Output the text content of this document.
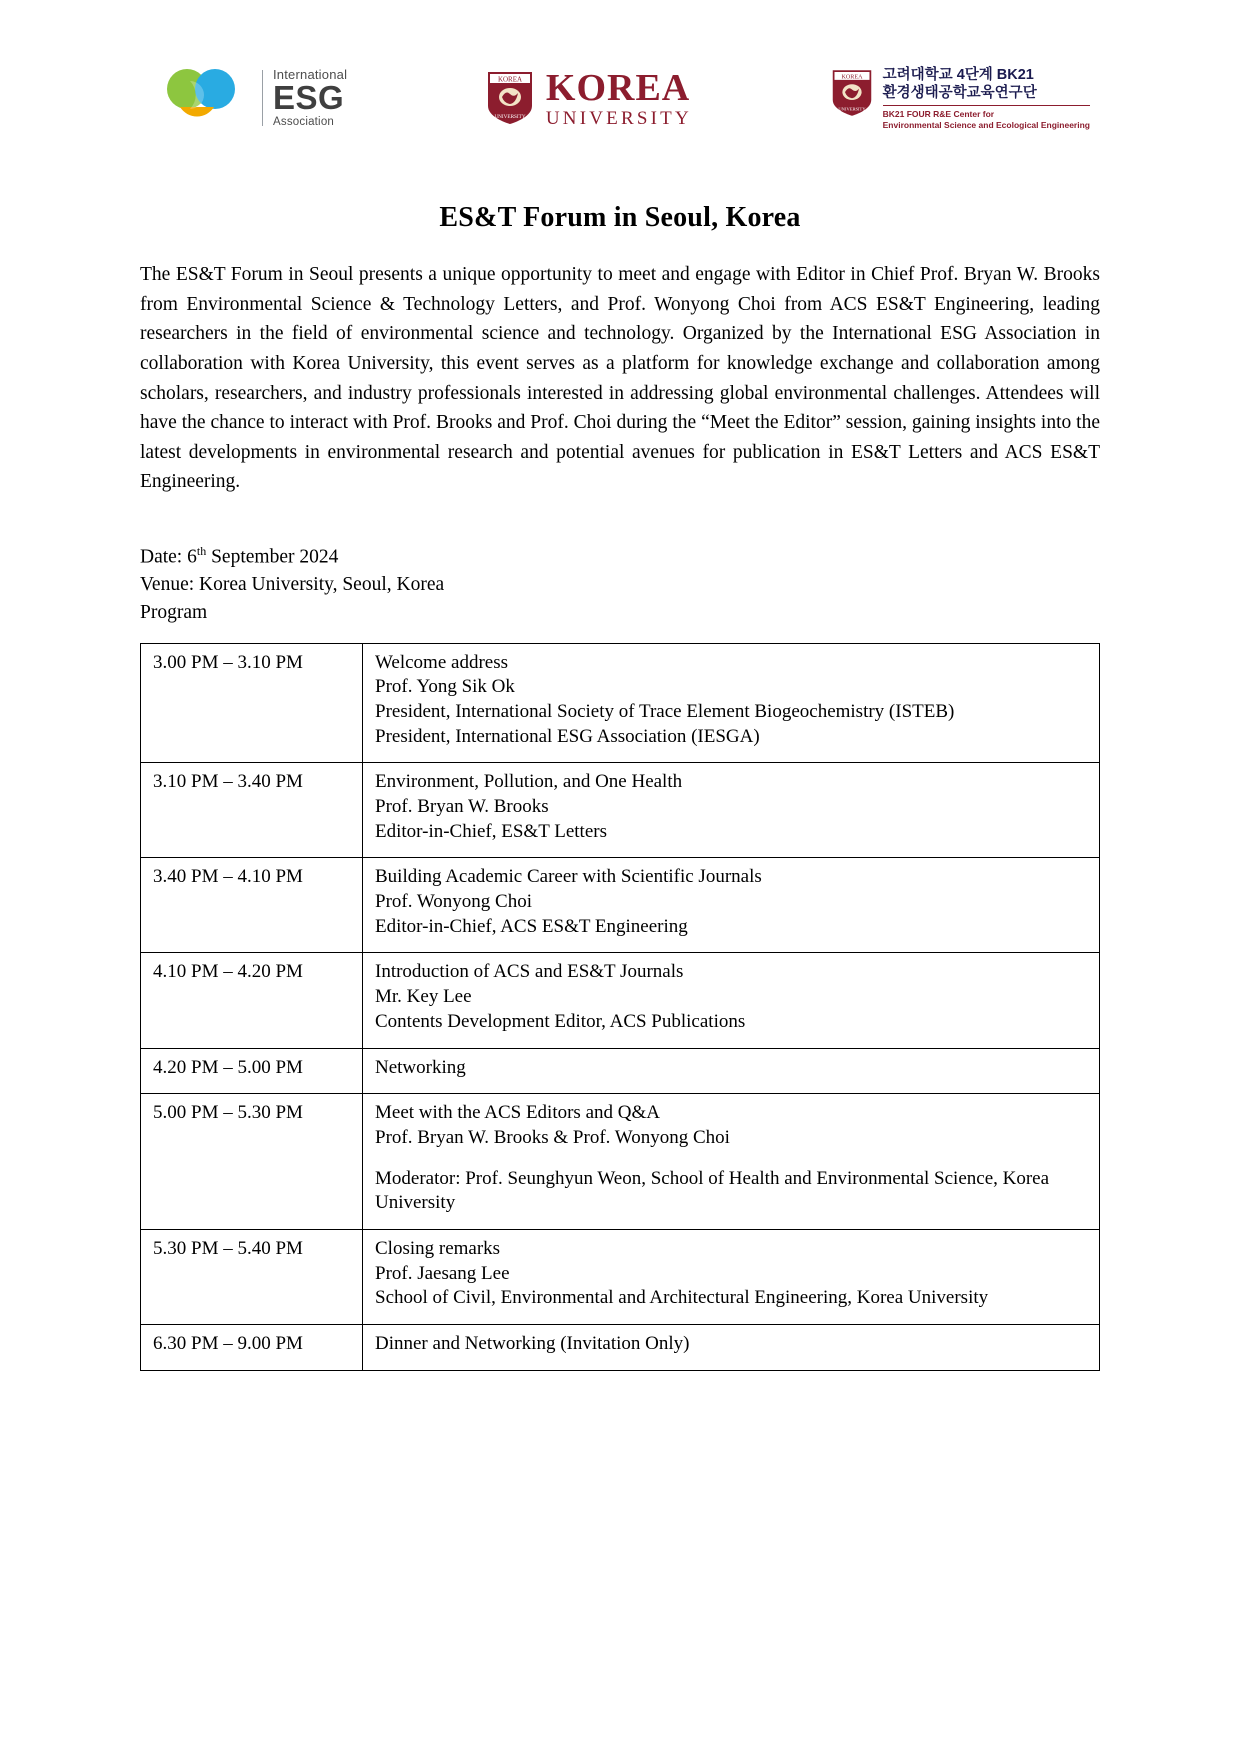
International
ESG
Association
KOREA
UNIVERSITY
KOREA
UNIVERSITY
KOREA
UNIVERSITY
고려대학교 4단계 BK21
환경생태공학교육연구단
BK21 FOUR R&E Center for
Environmental Science and Ecological Engineering
ES&T Forum in Seoul, Korea

The ES&T Forum in Seoul presents a unique opportunity to meet and engage with Editor in Chief Prof. Bryan W. Brooks from Environmental Science & Technology Letters, and Prof. Wonyong Choi from ACS ES&T Engineering, leading researchers in the field of environmental science and technology. Organized by the International ESG Association in collaboration with Korea University, this event serves as a platform for knowledge exchange and collaboration among scholars, researchers, and industry professionals interested in addressing global environmental challenges. Attendees will have the chance to interact with Prof. Brooks and Prof. Choi during the “Meet the Editor” session, gaining insights into the latest developments in environmental research and potential avenues for publication in ES&T Letters and ACS ES&T Engineering.

Date: 6th September 2024
Venue: Korea University, Seoul, Korea
Program
3.00 PM – 3.10 PM	Welcome address
Prof. Yong Sik Ok
President, International Society of Trace Element Biogeochemistry (ISTEB)
President, International ESG Association (IESGA)

3.10 PM – 3.40 PM	Environment, Pollution, and One Health
Prof. Bryan W. Brooks
Editor-in-Chief, ES&T Letters

3.40 PM – 4.10 PM	Building Academic Career with Scientific Journals
Prof. Wonyong Choi
Editor-in-Chief, ACS ES&T Engineering

4.10 PM – 4.20 PM	Introduction of ACS and ES&T Journals
Mr. Key Lee
Contents Development Editor, ACS Publications

4.20 PM – 5.00 PM	Networking

5.00 PM – 5.30 PM	Meet with the ACS Editors and Q&A
Prof. Bryan W. Brooks & Prof. Wonyong Choi
Moderator: Prof. Seunghyun Weon, School of Health and Environmental Science, Korea University

5.30 PM – 5.40 PM	Closing remarks
Prof. Jaesang Lee
School of Civil, Environmental and Architectural Engineering, Korea University

6.30 PM – 9.00 PM	Dinner and Networking (Invitation Only)
